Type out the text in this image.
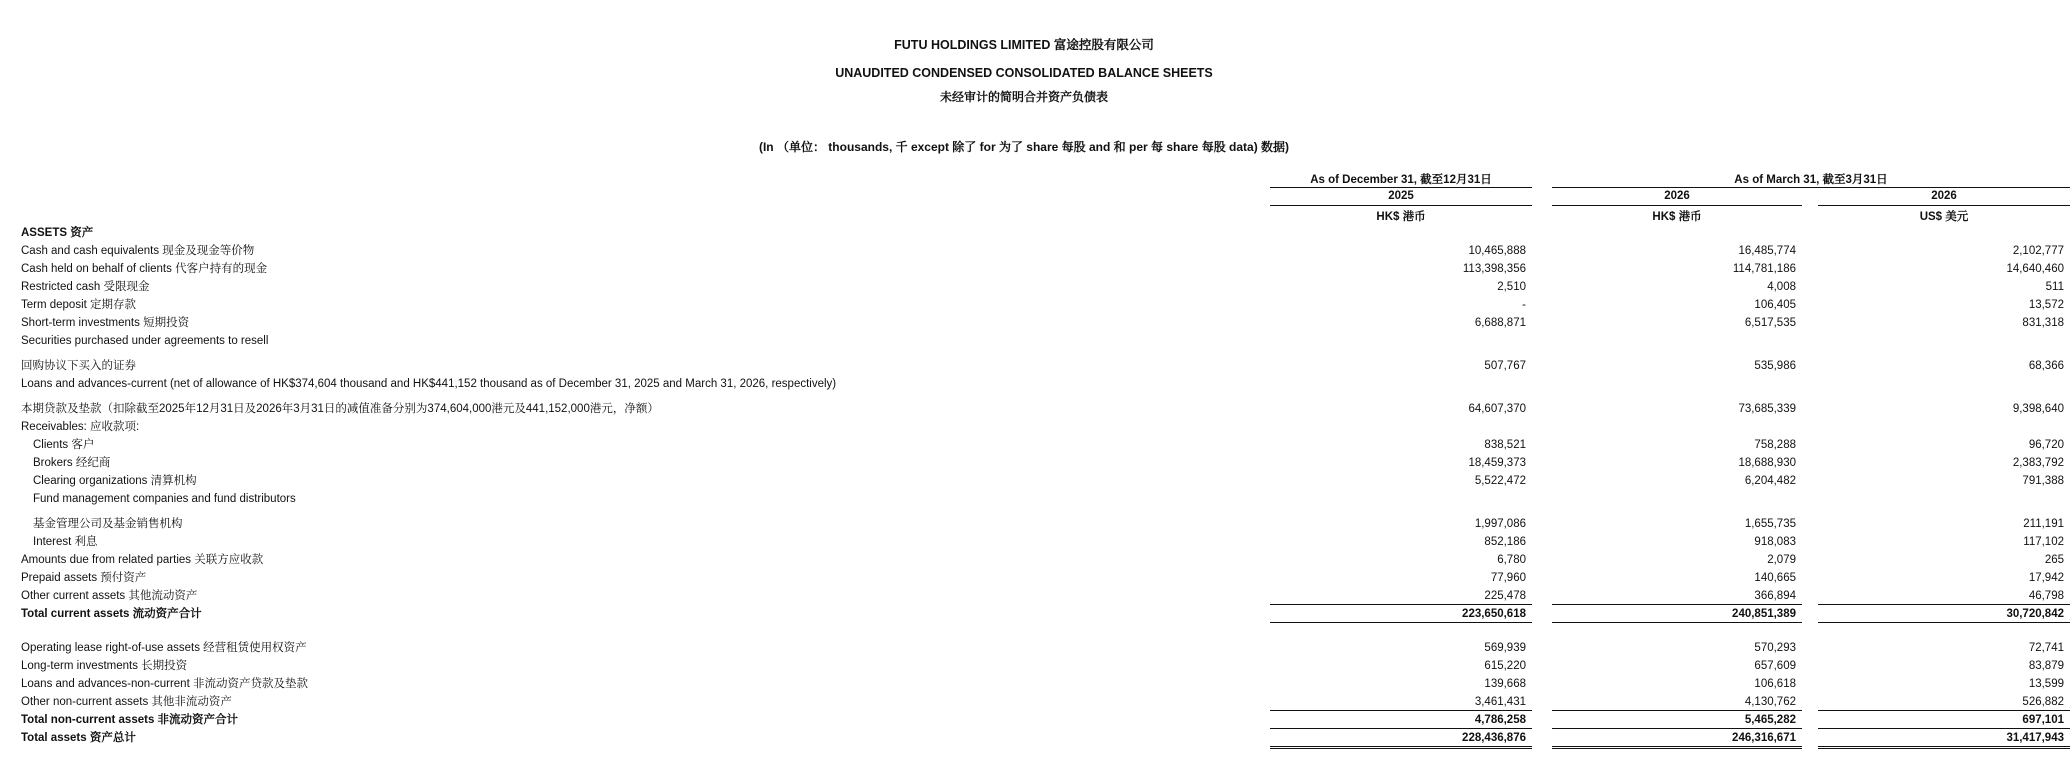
FUTU HOLDINGS LIMITED 富途控股有限公司
UNAUDITED CONDENSED CONSOLIDATED BALANCE SHEETS
未经审计的简明合并资产负债表
(In （单位： thousands, 千 except 除了 for 为了 share 每股 and 和 per 每 share 每股 data) 数据)
As of December 31, 截至12月31日	As of March 31, 截至3月31日
2025	2026	2026
HK$ 港币	HK$ 港币	US$ 美元
ASSETS 资产
Cash and cash equivalents 现金及现金等价物	10,465,888	16,485,774	2,102,777
Cash held on behalf of clients 代客户持有的现金	113,398,356	114,781,186	14,640,460
Restricted cash 受限现金	2,510	4,008	511
Term deposit 定期存款	-	106,405	13,572
Short-term investments 短期投资	6,688,871	6,517,535	831,318
Securities purchased under agreements to resell
回购协议下买入的证券	507,767	535,986	68,366
Loans and advances-current (net of allowance of HK$374,604 thousand and HK$441,152 thousand as of December 31, 2025 and March 31, 2026, respectively)
本期贷款及垫款（扣除截至2025年12月31日及2026年3月31日的减值准备分别为374,604,000港元及441,152,000港元，净额）	64,607,370	73,685,339	9,398,640
Receivables: 应收款项:
Clients 客户	838,521	758,288	96,720
Brokers 经纪商	18,459,373	18,688,930	2,383,792
Clearing organizations 清算机构	5,522,472	6,204,482	791,388
Fund management companies and fund distributors
基金管理公司及基金销售机构	1,997,086	1,655,735	211,191
Interest 利息	852,186	918,083	117,102
Amounts due from related parties 关联方应收款	6,780	2,079	265
Prepaid assets 预付资产	77,960	140,665	17,942
Other current assets 其他流动资产	225,478	366,894	46,798
Total current assets 流动资产合计	223,650,618	240,851,389	30,720,842
Operating lease right-of-use assets 经营租赁使用权资产	569,939	570,293	72,741
Long-term investments 长期投资	615,220	657,609	83,879
Loans and advances-non-current 非流动资产贷款及垫款	139,668	106,618	13,599
Other non-current assets 其他非流动资产	3,461,431	4,130,762	526,882
Total non-current assets 非流动资产合计	4,786,258	5,465,282	697,101
Total assets 资产总计	228,436,876	246,316,671	31,417,943
